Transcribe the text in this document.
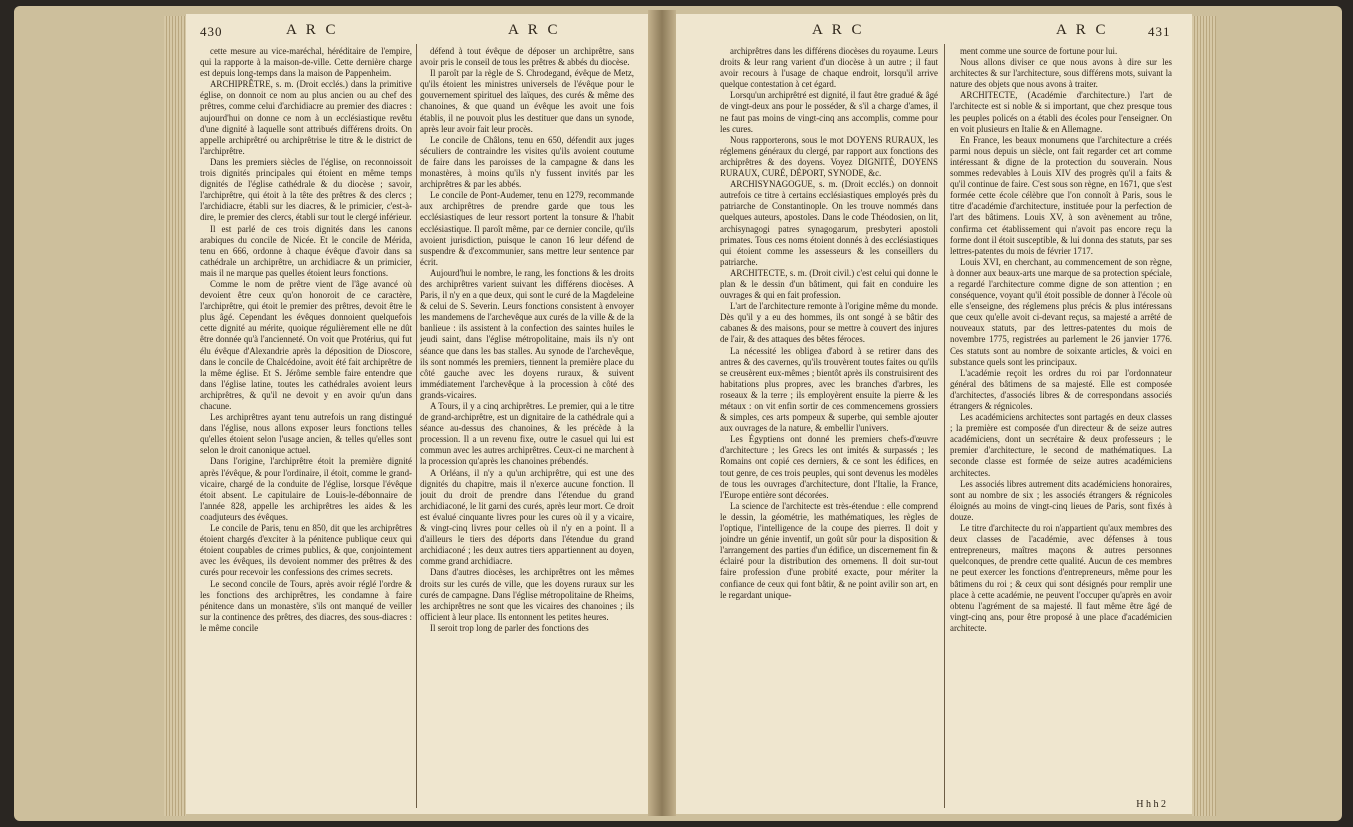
430	A R C	A R C

cette mesure au vice-maréchal, héréditaire de l'empire, qui la rapporte à la maison-de-ville. Cette dernière charge est depuis long-temps dans la maison de Pappenheim.

ARCHIPRÊTRE, s. m. (Droit ecclés.) dans la primitive église, on donnoit ce nom au plus ancien ou au chef des prêtres, comme celui d'archidiacre au premier des diacres : aujourd'hui on donne ce nom à un ecclésiastique revêtu d'une dignité à laquelle sont attribués différens droits. On appelle archiprêtré ou archiprêtrise le titre & le district de l'archiprêtre.

Dans les premiers siècles de l'église, on reconnoissoit trois dignités principales qui étoient en même temps dignités de l'église cathédrale & du diocèse ; savoir, l'archiprêtre, qui étoit à la tête des prêtres & des clercs ; l'archidiacre, établi sur les diacres, & le primicier, c'est-à-dire, le premier des clercs, établi sur tout le clergé inférieur.

Il est parlé de ces trois dignités dans les canons arabiques du concile de Nicée. Et le concile de Mérida, tenu en 666, ordonne à chaque évêque d'avoir dans sa cathédrale un archiprêtre, un archidiacre & un primicier, mais il ne marque pas quelles étoient leurs fonctions.

Comme le nom de prêtre vient de l'âge avancé où devoient être ceux qu'on honoroit de ce caractère, l'archiprêtre, qui étoit le premier des prêtres, devoit être le plus âgé. Cependant les évêques donnoient quelquefois cette dignité au mérite, quoique régulièrement elle ne dût être donnée qu'à l'ancienneté. On voit que Protérius, qui fut élu évêque d'Alexandrie après la déposition de Dioscore, dans le concile de Chalcédoine, avoit été fait archiprêtre de la même église. Et S. Jérôme semble faire entendre que dans l'église latine, toutes les cathédrales avoient leurs archiprêtres, & qu'il ne devoit y en avoir qu'un dans chacune.

Les archiprêtres ayant tenu autrefois un rang distingué dans l'église, nous allons exposer leurs fonctions telles qu'elles étoient selon l'usage ancien, & telles qu'elles sont selon le droit canonique actuel.

Dans l'origine, l'archiprêtre étoit la première dignité après l'évêque, & pour l'ordinaire, il étoit, comme le grand-vicaire, chargé de la conduite de l'église, lorsque l'évêque étoit absent. Le capitulaire de Louis-le-débonnaire de l'année 828, appelle les archiprêtres les aides & les coadjuteurs des évêques.

Le concile de Paris, tenu en 850, dit que les archiprêtres étoient chargés d'exciter à la pénitence publique ceux qui étoient coupables de crimes publics, & que, conjointement avec les évêques, ils devoient nommer des prêtres & des curés pour recevoir les confessions des crimes secrets.

Le second concile de Tours, après avoir réglé l'ordre & les fonctions des archiprêtres, les condamne à faire pénitence dans un monastère, s'ils ont manqué de veiller sur la continence des prêtres, des diacres, des sous-diacres : le même concile

défend à tout évêque de déposer un archiprêtre, sans avoir pris le conseil de tous les prêtres & abbés du diocèse.

Il paroît par la règle de S. Chrodegand, évêque de Metz, qu'ils étoient les ministres universels de l'évêque pour le gouvernement spirituel des laïques, des curés & même des chanoines, & que quand un évêque les avoit une fois établis, il ne pouvoit plus les destituer que dans un synode, après leur avoir fait leur procès.

Le concile de Châlons, tenu en 650, défendit aux juges séculiers de contraindre les visites qu'ils avoient coutume de faire dans les paroisses de la campagne & dans les monastères, à moins qu'ils n'y fussent invités par les archiprêtres & par les abbés.

Le concile de Pont-Audemer, tenu en 1279, recommande aux archiprêtres de prendre garde que tous les ecclésiastiques de leur ressort portent la tonsure & l'habit ecclésiastique. Il paroît même, par ce dernier concile, qu'ils avoient jurisdiction, puisque le canon 16 leur défend de suspendre & d'excommunier, sans mettre leur sentence par écrit.

Aujourd'hui le nombre, le rang, les fonctions & les droits des archiprêtres varient suivant les différens diocèses. A Paris, il n'y en a que deux, qui sont le curé de la Magdeleine & celui de S. Severin. Leurs fonctions consistent à envoyer les mandemens de l'archevêque aux curés de la ville & de la banlieue : ils assistent à la confection des saintes huiles le jeudi saint, dans l'église métropolitaine, mais ils n'y ont séance que dans les bas stalles. Au synode de l'archevêque, ils sont nommés les premiers, tiennent la première place du côté gauche avec les doyens ruraux, & suivent immédiatement l'archevêque à la procession à côté des grands-vicaires.

A Tours, il y a cinq archiprêtres. Le premier, qui a le titre de grand-archiprêtre, est un dignitaire de la cathédrale qui a séance au-dessus des chanoines, & les précède à la procession. Il a un revenu fixe, outre le casuel qui lui est commun avec les autres archiprêtres. Ceux-ci ne marchent à la procession qu'après les chanoines prébendés.

A Orléans, il n'y a qu'un archiprêtre, qui est une des dignités du chapitre, mais il n'exerce aucune fonction. Il jouit du droit de prendre dans l'étendue du grand archidiaconé, le lit garni des curés, après leur mort. Ce droit est évalué cinquante livres pour les cures où il y a vicaire, & vingt-cinq livres pour celles où il n'y en a point. Il a d'ailleurs le tiers des déports dans l'étendue du grand archidiaconé ; les deux autres tiers appartiennent au doyen, comme grand archidiacre.

Dans d'autres diocèses, les archiprêtres ont les mêmes droits sur les curés de ville, que les doyens ruraux sur les curés de campagne. Dans l'église métropolitaine de Rheims, les archiprêtres ne sont que les vicaires des chanoines ; ils officient à leur place. Ils entonnent les petites heures.

Il seroit trop long de parler des fonctions des

A R C	A R C	431

archiprêtres dans les différens diocèses du royaume. Leurs droits & leur rang varient d'un diocèse à un autre ; il faut avoir recours à l'usage de chaque endroit, lorsqu'il arrive quelque contestation à cet égard.

Lorsqu'un archiprêtré est dignité, il faut être gradué & âgé de vingt-deux ans pour le posséder, & s'il a charge d'ames, il ne faut pas moins de vingt-cinq ans accomplis, comme pour les cures.

Nous rapporterons, sous le mot DOYENS RURAUX, les réglemens généraux du clergé, par rapport aux fonctions des archiprêtres & des doyens. Voyez DIGNITÉ, DOYENS RURAUX, CURÉ, DÉPORT, SYNODE, &c.

ARCHISYNAGOGUE, s. m. (Droit ecclés.) on donnoit autrefois ce titre à certains ecclésiastiques employés près du patriarche de Constantinople. On les trouve nommés dans quelques auteurs, apostoles. Dans le code Théodosien, on lit, archisynagogi patres synagogarum, presbyteri apostoli primates. Tous ces noms étoient donnés à des ecclésiastiques qui étoient comme les assesseurs & les conseillers du patriarche.

ARCHITECTE, s. m. (Droit civil.) c'est celui qui donne le plan & le dessin d'un bâtiment, qui fait en conduire les ouvrages & qui en fait profession.

L'art de l'architecture remonte à l'origine même du monde. Dès qu'il y a eu des hommes, ils ont songé à se bâtir des cabanes & des maisons, pour se mettre à couvert des injures de l'air, & des attaques des bêtes féroces.

La nécessité les obligea d'abord à se retirer dans des antres & des cavernes, qu'ils trouvèrent toutes faites ou qu'ils se creusèrent eux-mêmes ; bientôt après ils construisirent des habitations plus propres, avec les branches d'arbres, les roseaux & la terre ; ils employèrent ensuite la pierre & les métaux : on vit enfin sortir de ces commencemens grossiers & simples, ces arts pompeux & superbe, qui semble ajouter aux ouvrages de la nature, & embellir l'univers.

Les Égyptiens ont donné les premiers chefs-d'œuvre d'architecture ; les Grecs les ont imités & surpassés ; les Romains ont copié ces derniers, & ce sont les édifices, en tout genre, de ces trois peuples, qui sont devenus les modèles de tous les ouvrages d'architecture, dont l'Italie, la France, l'Europe entière sont décorées.

La science de l'architecte est très-étendue : elle comprend le dessin, la géométrie, les mathématiques, les règles de l'optique, l'intelligence de la coupe des pierres. Il doit y joindre un génie inventif, un goût sûr pour la disposition & l'arrangement des parties d'un édifice, un discernement fin & éclairé pour la distribution des ornemens. Il doit sur-tout faire profession d'une probité exacte, pour mériter la confiance de ceux qui font bâtir, & ne point avilir son art, en le regardant unique-

ment comme une source de fortune pour lui.

Nous allons diviser ce que nous avons à dire sur les architectes & sur l'architecture, sous différens mots, suivant la nature des objets que nous avons à traiter.

ARCHITECTE, (Académie d'architecture.) l'art de l'architecte est si noble & si important, que chez presque tous les peuples policés on a établi des écoles pour l'enseigner. On en voit plusieurs en Italie & en Allemagne.

En France, les beaux monumens que l'architecture a créés parmi nous depuis un siècle, ont fait regarder cet art comme intéressant & digne de la protection du souverain. Nous sommes redevables à Louis XIV des progrès qu'il a faits & qu'il continue de faire. C'est sous son règne, en 1671, que s'est formée cette école célèbre que l'on connoît à Paris, sous le titre d'académie d'architecture, instituée pour la perfection de l'art des bâtimens. Louis XV, à son avènement au trône, confirma cet établissement qui n'avoit pas encore reçu la forme dont il étoit susceptible, & lui donna des statuts, par ses lettres-patentes du mois de février 1717.

Louis XVI, en cherchant, au commencement de son règne, à donner aux beaux-arts une marque de sa protection spéciale, a regardé l'architecture comme digne de son attention ; en conséquence, voyant qu'il étoit possible de donner à l'école où elle s'enseigne, des réglemens plus précis & plus intéressans que ceux qu'elle avoit ci-devant reçus, sa majesté a arrêté de nouveaux statuts, par des lettres-patentes du mois de novembre 1775, registrées au parlement le 26 janvier 1776. Ces statuts sont au nombre de soixante articles, & voici en substance quels sont les principaux.

L'académie reçoit les ordres du roi par l'ordonnateur général des bâtimens de sa majesté. Elle est composée d'architectes, d'associés libres & de correspondans associés étrangers & régnicoles.

Les académiciens architectes sont partagés en deux classes ; la première est composée d'un directeur & de seize autres académiciens, dont un secrétaire & deux professeurs ; le premier d'architecture, le second de mathématiques. La seconde classe est formée de seize autres académiciens architectes.

Les associés libres autrement dits académiciens honoraires, sont au nombre de six ; les associés étrangers & régnicoles éloignés au moins de vingt-cinq lieues de Paris, sont fixés à douze.

Le titre d'architecte du roi n'appartient qu'aux membres des deux classes de l'académie, avec défenses à tous entrepreneurs, maîtres maçons & autres personnes quelconques, de prendre cette qualité. Aucun de ces membres ne peut exercer les fonctions d'entrepreneurs, même pour les bâtimens du roi ; & ceux qui sont désignés pour remplir une place à cette académie, ne peuvent l'occuper qu'après en avoir obtenu l'agrément de sa majesté. Il faut même être âgé de vingt-cinq ans, pour être proposé à une place d'académicien architecte.

H h h 2
